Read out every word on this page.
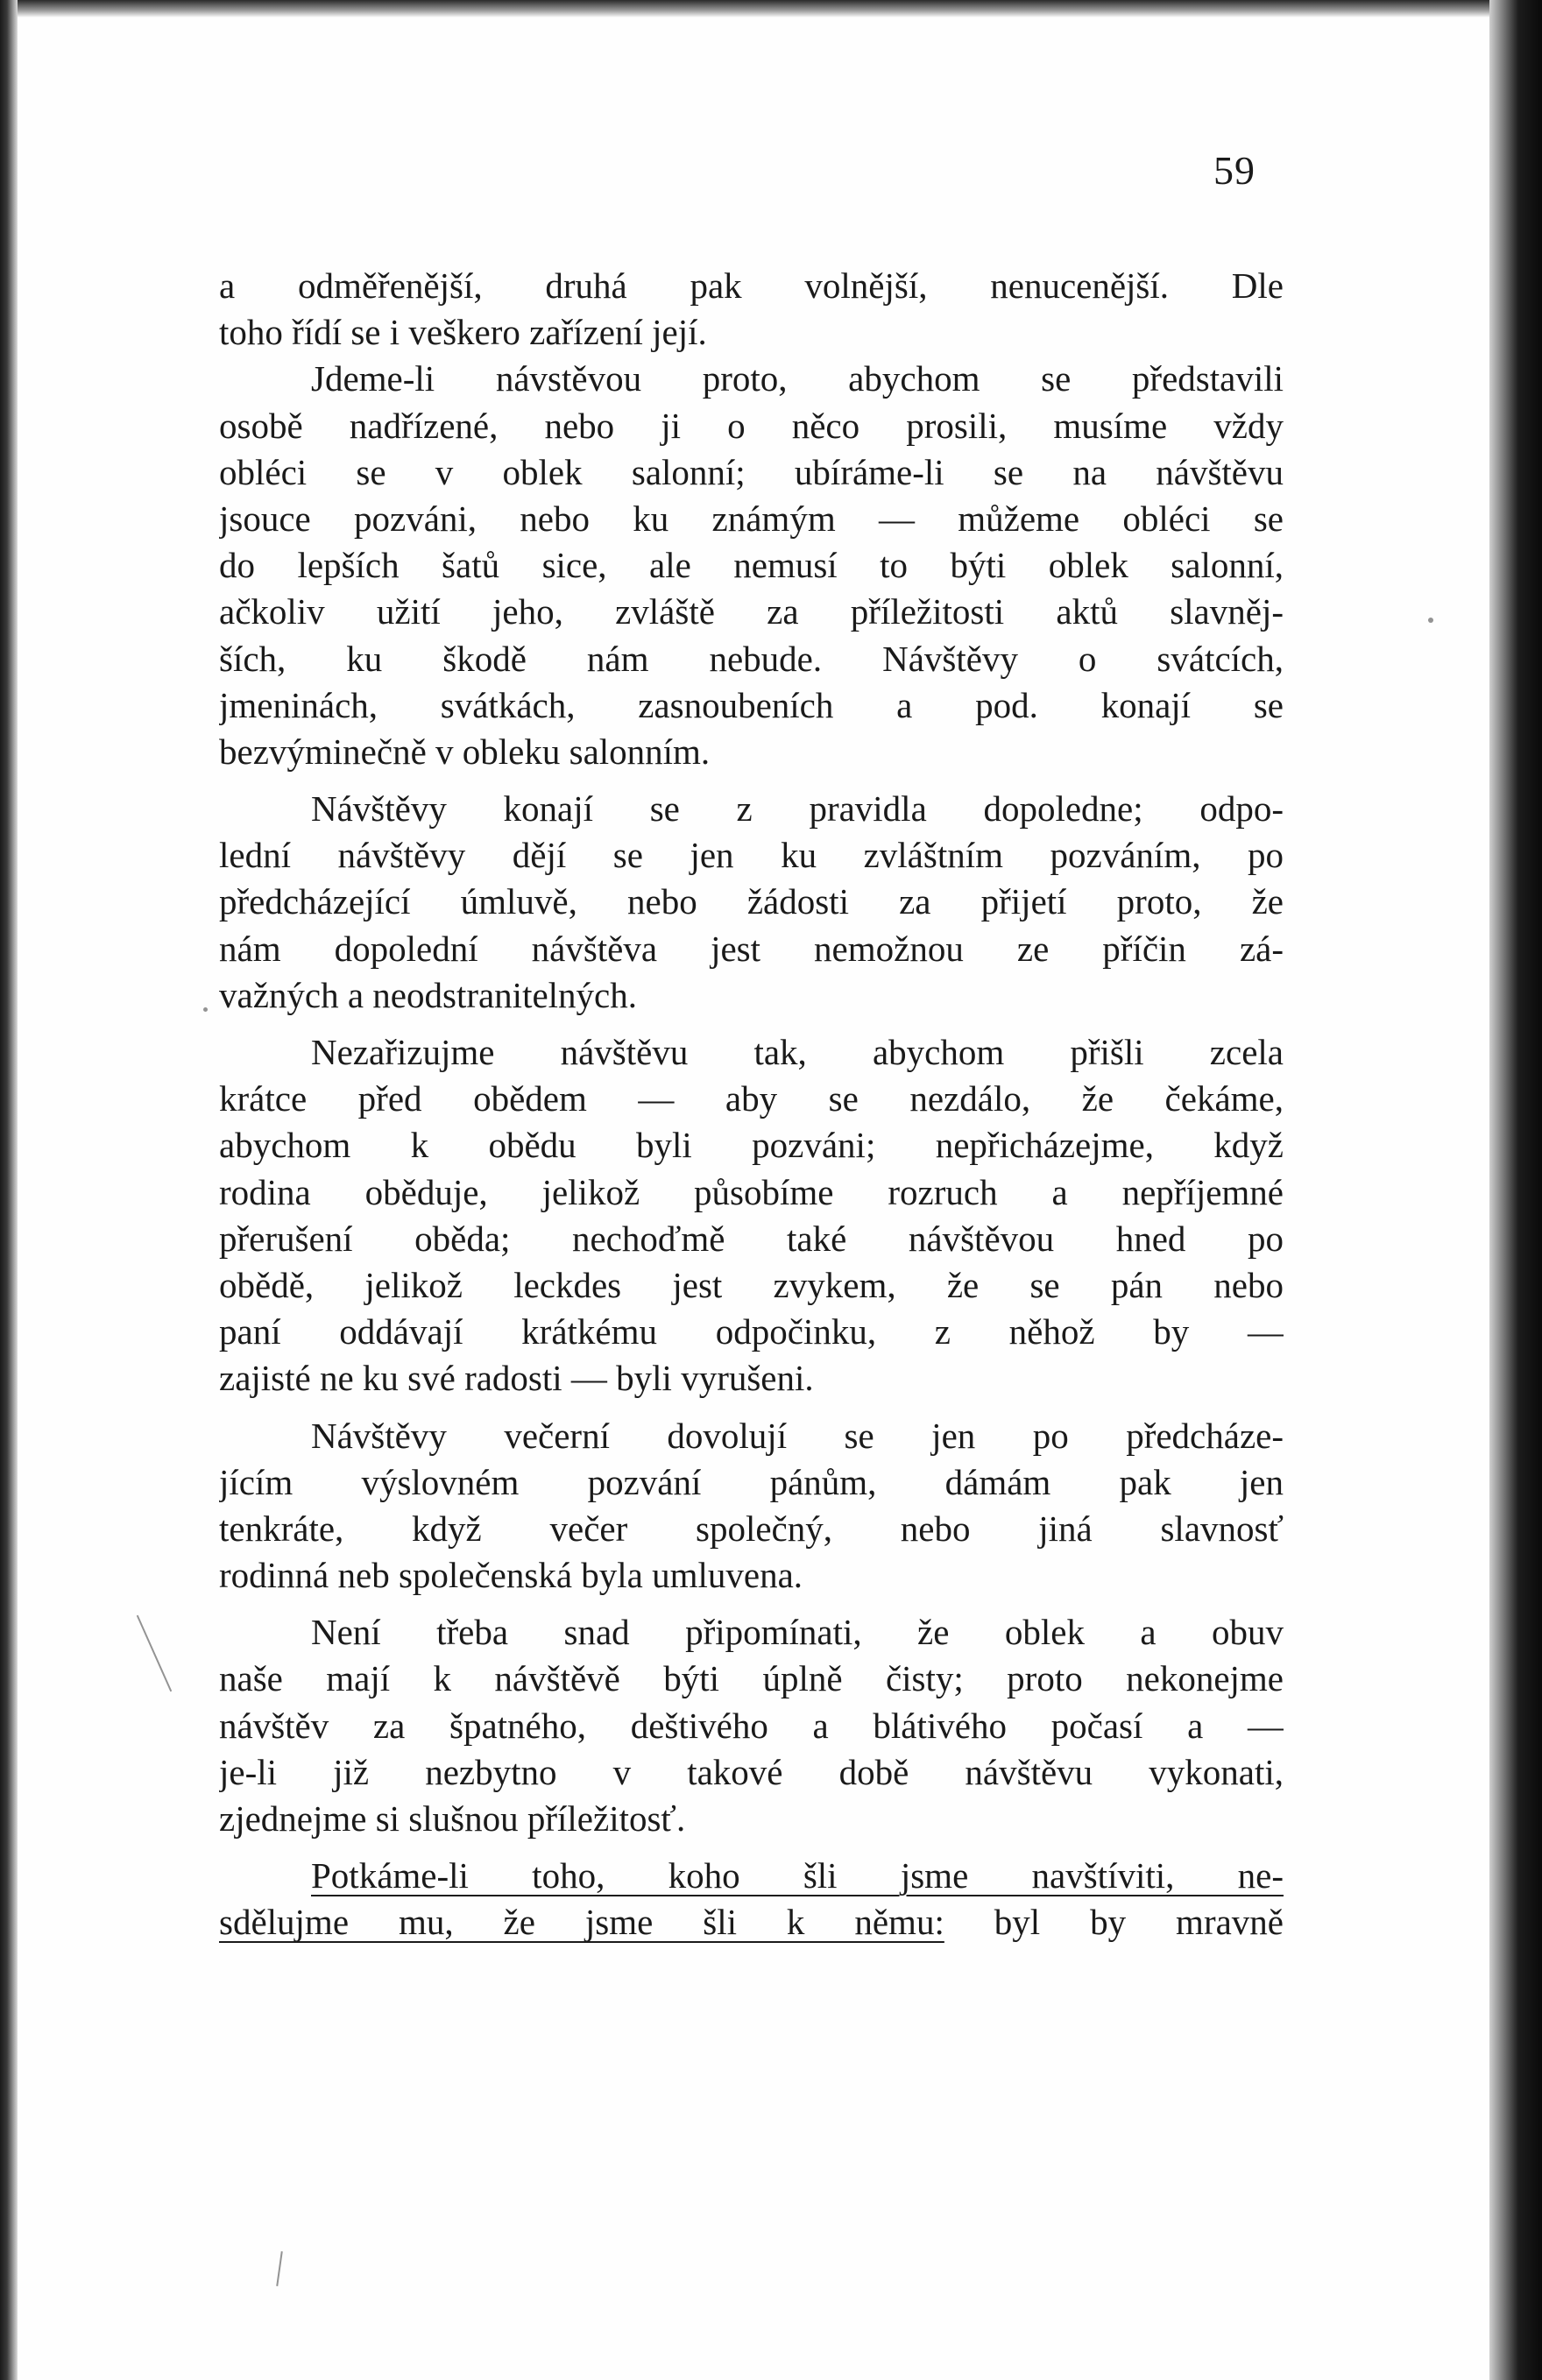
59
a odměřenější, druhá pak volnější, nenucenější. Dle
toho řídí se i veškero zařízení její.
Jdeme-li návstěvou proto, abychom se představili
osobě nadřízené, nebo ji o něco prosili, musíme vždy
obléci se v oblek salonní; ubíráme-li se na návštěvu
jsouce pozváni, nebo ku známým — můžeme obléci se
do lepších šatů sice, ale nemusí to býti oblek salonní,
ačkoliv užití jeho, zvláště za příležitosti aktů slavněj-
ších, ku škodě nám nebude. Návštěvy o svátcích,
jmeninách, svátkách, zasnoubeních a pod. konají se
bezvýminečně v obleku salonním.
Návštěvy konají se z pravidla dopoledne; odpo-
lední návštěvy dějí se jen ku zvláštním pozváním, po
předcházející úmluvě, nebo žádosti za přijetí proto, že
nám dopolední návštěva jest nemožnou ze příčin zá-
važných a neodstranitelných.
Nezařizujme návštěvu tak, abychom přišli zcela
krátce před obědem — aby se nezdálo, že čekáme,
abychom k obědu byli pozváni; nepřicházejme, když
rodina oběduje, jelikož působíme rozruch a nepříjemné
přerušení oběda; nechoďmě také návštěvou hned po
obědě, jelikož leckdes jest zvykem, že se pán nebo
paní oddávají krátkému odpočinku, z něhož by —
zajisté ne ku své radosti — byli vyrušeni.
Návštěvy večerní dovolují se jen po předcháze-
jícím výslovném pozvání pánům, dámám pak jen
tenkráte, když večer společný, nebo jiná slavnosť
rodinná neb společenská byla umluvena.
Není třeba snad připomínati, že oblek a obuv
naše mají k návštěvě býti úplně čisty; proto nekonejme
návštěv za špatného, deštivého a blátivého počasí a —
je-li již nezbytno v takové době návštěvu vykonati,
zjednejme si slušnou příležitosť.
Potkáme-li toho, koho šli jsme navštíviti, ne-
sdělujme mu, že jsme šli k němu: byl by mravně
